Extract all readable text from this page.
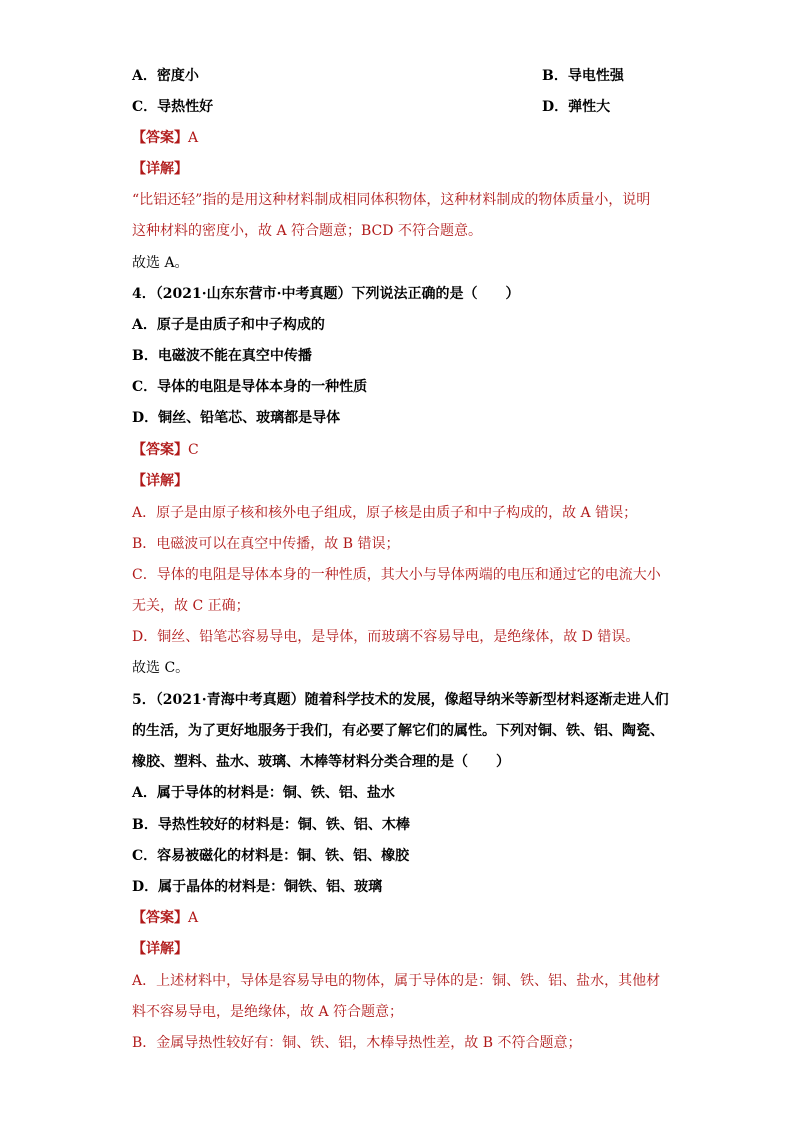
A．密度小	B．导电性强
C．导热性好	D．弹性大
【答案】A
【详解】
“比铝还轻”指的是用这种材料制成相同体积物体，这种材料制成的物体质量小，说明
这种材料的密度小，故 A 符合题意；BCD 不符合题意。
故选 A。
4．（2021·山东东营市·中考真题）下列说法正确的是（　　）
A．原子是由质子和中子构成的
B．电磁波不能在真空中传播
C．导体的电阻是导体本身的一种性质
D．铜丝、铅笔芯、玻璃都是导体
【答案】C
【详解】
A．原子是由原子核和核外电子组成，原子核是由质子和中子构成的，故 A 错误；
B．电磁波可以在真空中传播，故 B 错误；
C．导体的电阻是导体本身的一种性质，其大小与导体两端的电压和通过它的电流大小
无关，故 C 正确；
D．铜丝、铅笔芯容易导电，是导体，而玻璃不容易导电，是绝缘体，故 D 错误。
故选 C。
5．（2021·青海中考真题）随着科学技术的发展，像超导纳米等新型材料逐渐走进人们
的生活，为了更好地服务于我们，有必要了解它们的属性。下列对铜、铁、铝、陶瓷、
橡胶、塑料、盐水、玻璃、木棒等材料分类合理的是（　　）
A．属于导体的材料是：铜、铁、铝、盐水
B．导热性较好的材料是：铜、铁、铝、木棒
C．容易被磁化的材料是：铜、铁、铝、橡胶
D．属于晶体的材料是：铜铁、铝、玻璃
【答案】A
【详解】
A．上述材料中，导体是容易导电的物体，属于导体的是：铜、铁、铝、盐水，其他材
料不容易导电，是绝缘体，故 A 符合题意；
B．金属导热性较好有：铜、铁、铝，木棒导热性差，故 B 不符合题意；
